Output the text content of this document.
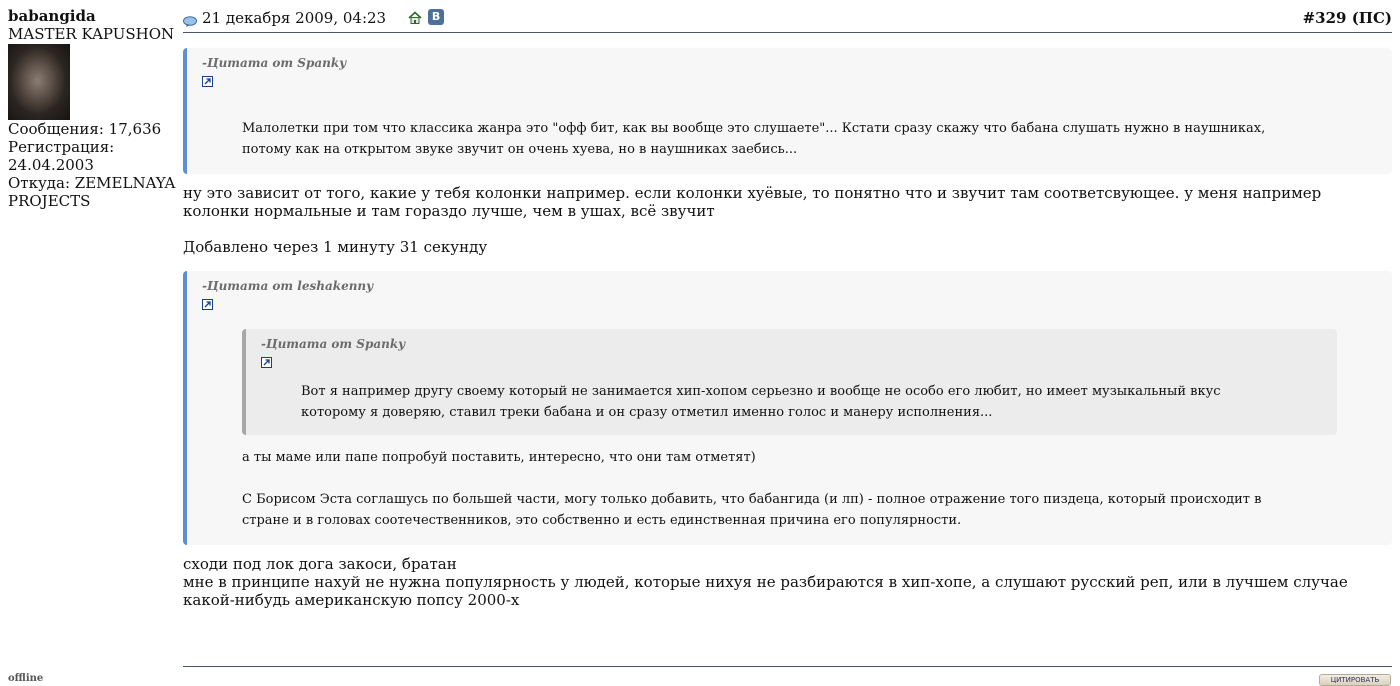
babangida
MASTER KAPUSHON
Сообщения: 17,636
Регистрация: 24.04.2003
Откуда: ZEMELNAYA PROJECTS
offline
21 декабря 2009, 04:23	В	#329 (ПС)
-Цитата от Spanky
Малолетки при том что классика жанра это "офф бит, как вы вообще это слушаете"... Кстати сразу скажу что бабана слушать нужно в наушниках, потому как на открытом звуке звучит он очень хуева, но в наушниках заебись...
ну это зависит от того, какие у тебя колонки например. если колонки хуёвые, то понятно что и звучит там соответсвующее. у меня например колонки нормальные и там гораздо лучше, чем в ушах, всё звучит
Добавлено через 1 минуту 31 секунду
-Цитата от leshakenny
-Цитата от Spanky
Вот я например другу своему который не занимается хип-хопом серьезно и вообще не особо его любит, но имеет музыкальный вкус которому я доверяю, ставил треки бабана и он сразу отметил именно голос и манеру исполнения...
а ты маме или папе попробуй поставить, интересно, что они там отметят)
С Борисом Эста соглашусь по большей части, могу только добавить, что бабангида (и лп) - полное отражение того пиздеца, который происходит в стране и в головах соотечественников, это собственно и есть единственная причина его популярности.
сходи под лок дога закоси, братан
мне в принципе нахуй не нужна популярность у людей, которые нихуя не разбираются в хип-хопе, а слушают русский реп, или в лучшем случае какой-нибудь американскую попсу 2000-х
ЦИТИРОВАТЬ
